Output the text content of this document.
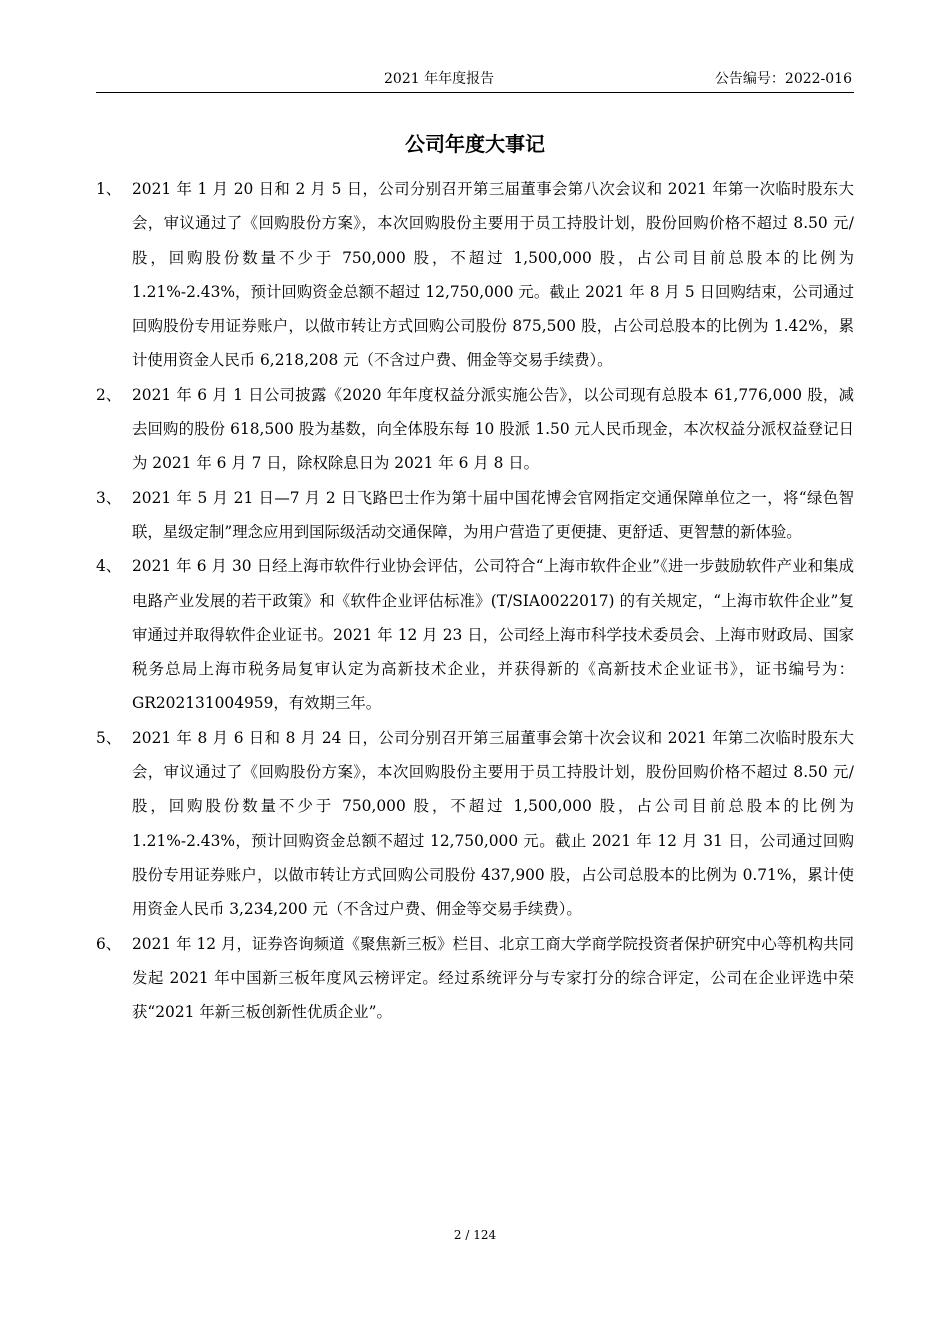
2021 年年度报告	公告编号：2022-016
公司年度大事记
1、 2021 年 1 月 20 日和 2 月 5 日，公司分别召开第三届董事会第八次会议和 2021 年第一次临时股东大会，审议通过了《回购股份方案》，本次回购股份主要用于员工持股计划，股份回购价格不超过 8.50 元/股，回购股份数量不少于 750,000 股，不超过 1,500,000 股，占公司目前总股本的比例为 1.21%-2.43%，预计回购资金总额不超过 12,750,000 元。截止 2021 年 8 月 5 日回购结束，公司通过回购股份专用证券账户，以做市转让方式回购公司股份 875,500 股，占公司总股本的比例为 1.42%，累计使用资金人民币 6,218,208 元（不含过户费、佣金等交易手续费）。
2、 2021 年 6 月 1 日公司披露《2020 年年度权益分派实施公告》，以公司现有总股本 61,776,000 股，减去回购的股份 618,500 股为基数，向全体股东每 10 股派 1.50 元人民币现金，本次权益分派权益登记日为 2021 年 6 月 7 日，除权除息日为 2021 年 6 月 8 日。
3、 2021 年 5 月 21 日—7 月 2 日飞路巴士作为第十届中国花博会官网指定交通保障单位之一，将“绿色智联，星级定制”理念应用到国际级活动交通保障，为用户营造了更便捷、更舒适、更智慧的新体验。
4、 2021 年 6 月 30 日经上海市软件行业协会评估，公司符合“上海市软件企业”《进一步鼓励软件产业和集成电路产业发展的若干政策》和《软件企业评估标准》(T/SIA0022017) 的有关规定，“上海市软件企业”复审通过并取得软件企业证书。2021 年 12 月 23 日，公司经上海市科学技术委员会、上海市财政局、国家税务总局上海市税务局复审认定为高新技术企业，并获得新的《高新技术企业证书》，证书编号为：GR202131004959，有效期三年。
5、 2021 年 8 月 6 日和 8 月 24 日，公司分别召开第三届董事会第十次会议和 2021 年第二次临时股东大会，审议通过了《回购股份方案》，本次回购股份主要用于员工持股计划，股份回购价格不超过 8.50 元/股，回购股份数量不少于 750,000 股，不超过 1,500,000 股，占公司目前总股本的比例为 1.21%-2.43%，预计回购资金总额不超过 12,750,000 元。截止 2021 年 12 月 31 日，公司通过回购股份专用证券账户，以做市转让方式回购公司股份 437,900 股，占公司总股本的比例为 0.71%，累计使用资金人民币 3,234,200 元（不含过户费、佣金等交易手续费）。
6、 2021 年 12 月，证券咨询频道《聚焦新三板》栏目、北京工商大学商学院投资者保护研究中心等机构共同发起 2021 年中国新三板年度风云榜评定。经过系统评分与专家打分的综合评定，公司在企业评选中荣获“2021 年新三板创新性优质企业”。
2 / 124
